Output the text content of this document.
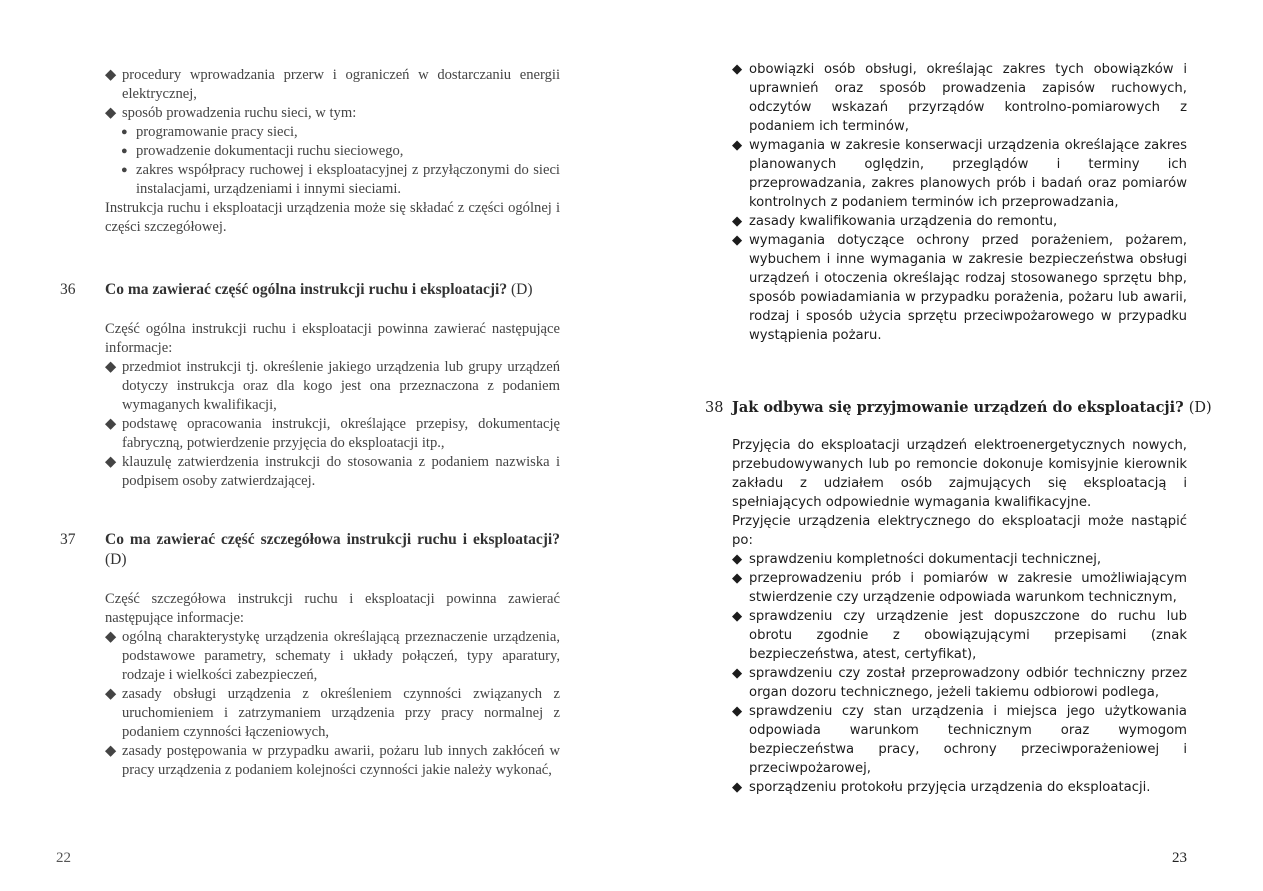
◆ procedury wprowadzania przerw i ograniczeń w dostarczaniu energii elektrycznej,

◆ sposób prowadzenia ruchu sieci, w tym:

● programowanie pracy sieci,

● prowadzenie dokumentacji ruchu sieciowego,

● zakres współpracy ruchowej i eksploatacyjnej z przyłączonymi do sieci instalacjami, urządzeniami i innymi sieciami.

Instrukcja ruchu i eksploatacji urządzenia może się składać z części ogólnej i części szczegółowej.

36 Co ma zawierać część ogólna instrukcji ruchu i eksploatacji? (D)

Część ogólna instrukcji ruchu i eksploatacji powinna zawierać następujące informacje:

◆ przedmiot instrukcji tj. określenie jakiego urządzenia lub grupy urządzeń dotyczy instrukcja oraz dla kogo jest ona przeznaczona z podaniem wymaganych kwalifikacji,

◆ podstawę opracowania instrukcji, określające przepisy, dokumentację fabryczną, potwierdzenie przyjęcia do eksploatacji itp.,

◆ klauzulę zatwierdzenia instrukcji do stosowania z podaniem nazwiska i podpisem osoby zatwierdzającej.

37 Co ma zawierać część szczegółowa instrukcji ruchu i eksploatacji? (D)

Część szczegółowa instrukcji ruchu i eksploatacji powinna zawierać następujące informacje:

◆ ogólną charakterystykę urządzenia określającą przeznaczenie urządzenia, podstawowe parametry, schematy i układy połączeń, typy aparatury, rodzaje i wielkości zabezpieczeń,

◆ zasady obsługi urządzenia z określeniem czynności związanych z uruchomieniem i zatrzymaniem urządzenia przy pracy normalnej z podaniem czynności łączeniowych,

◆ zasady postępowania w przypadku awarii, pożaru lub innych zakłóceń w pracy urządzenia z podaniem kolejności czynności jakie należy wykonać,

22

◆ obowiązki osób obsługi, określając zakres tych obowiązków i uprawnień oraz sposób prowadzenia zapisów ruchowych, odczytów wskazań przyrządów kontrolno-pomiarowych z podaniem ich terminów,

◆ wymagania w zakresie konserwacji urządzenia określające zakres planowanych oględzin, przeglądów i terminy ich przeprowadzania, zakres planowych prób i badań oraz pomiarów kontrolnych z podaniem terminów ich przeprowadzania,

◆ zasady kwalifikowania urządzenia do remontu,

◆ wymagania dotyczące ochrony przed porażeniem, pożarem, wybuchem i inne wymagania w zakresie bezpieczeństwa obsługi urządzeń i otoczenia określając rodzaj stosowanego sprzętu bhp, sposób powiadamiania w przypadku porażenia, pożaru lub awarii, rodzaj i sposób użycia sprzętu przeciwpożarowego w przypadku wystąpienia pożaru.

38 Jak odbywa się przyjmowanie urządzeń do eksploatacji? (D)

Przyjęcia do eksploatacji urządzeń elektroenergetycznych nowych, przebudowywanych lub po remoncie dokonuje komisyjnie kierownik zakładu z udziałem osób zajmujących się eksploatacją i spełniających odpowiednie wymagania kwalifikacyjne.

Przyjęcie urządzenia elektrycznego do eksploatacji może nastąpić po:

◆ sprawdzeniu kompletności dokumentacji technicznej,

◆ przeprowadzeniu prób i pomiarów w zakresie umożliwiającym stwierdzenie czy urządzenie odpowiada warunkom technicznym,

◆ sprawdzeniu czy urządzenie jest dopuszczone do ruchu lub obrotu zgodnie z obowiązującymi przepisami (znak bezpieczeństwa, atest, certyfikat),

◆ sprawdzeniu czy został przeprowadzony odbiór techniczny przez organ dozoru technicznego, jeżeli takiemu odbiorowi podlega,

◆ sprawdzeniu czy stan urządzenia i miejsca jego użytkowania odpowiada warunkom technicznym oraz wymogom bezpieczeństwa pracy, ochrony przeciwporażeniowej i przeciwpożarowej,

◆ sporządzeniu protokołu przyjęcia urządzenia do eksploatacji.

23
